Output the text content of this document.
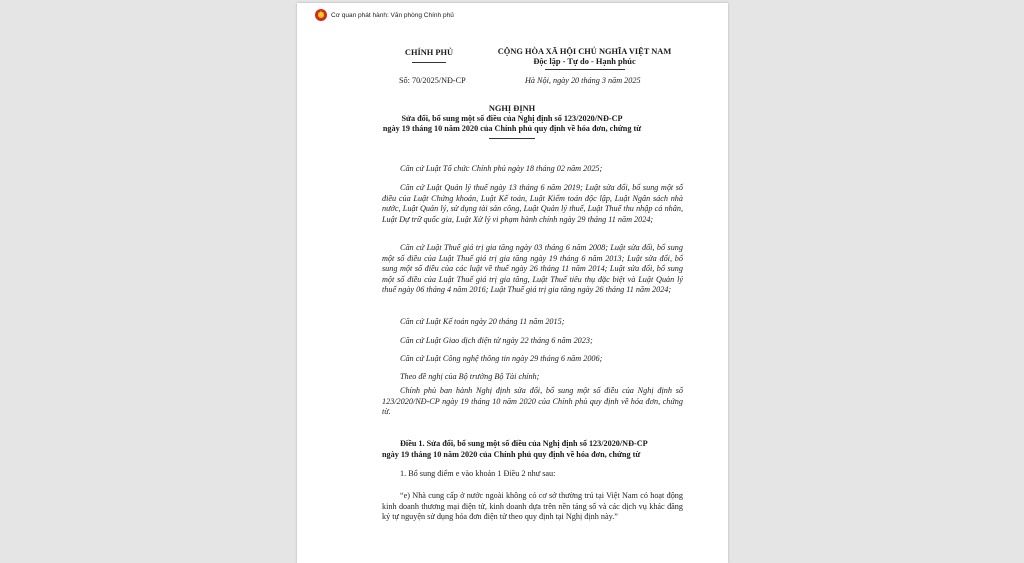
★
Cơ quan phát hành: Văn phòng Chính phủ
CHÍNH PHỦ	CỘNG HÒA XÃ HỘI CHỦ NGHĨA VIỆT NAM
Độc lập - Tự do - Hạnh phúc
Số: 70/2025/NĐ-CP	Hà Nội, ngày 20 tháng 3 năm 2025
NGHỊ ĐỊNH
Sửa đổi, bổ sung một số điều của Nghị định số 123/2020/NĐ-CP
ngày 19 tháng 10 năm 2020 của Chính phủ quy định về hóa đơn, chứng từ
Căn cứ Luật Tổ chức Chính phủ ngày 18 tháng 02 năm 2025;
Căn cứ Luật Quản lý thuế ngày 13 tháng 6 năm 2019; Luật sửa đổi, bổ sung một số điều của Luật Chứng khoán, Luật Kế toán, Luật Kiểm toán độc lập, Luật Ngân sách nhà nước, Luật Quản lý, sử dụng tài sản công, Luật Quản lý thuế, Luật Thuế thu nhập cá nhân, Luật Dự trữ quốc gia, Luật Xử lý vi phạm hành chính ngày 29 tháng 11 năm 2024;
Căn cứ Luật Thuế giá trị gia tăng ngày 03 tháng 6 năm 2008; Luật sửa đổi, bổ sung một số điều của Luật Thuế giá trị gia tăng ngày 19 tháng 6 năm 2013; Luật sửa đổi, bổ sung một số điều của các luật về thuế ngày 26 tháng 11 năm 2014; Luật sửa đổi, bổ sung một số điều của Luật Thuế giá trị gia tăng, Luật Thuế tiêu thụ đặc biệt và Luật Quản lý thuế ngày 06 tháng 4 năm 2016; Luật Thuế giá trị gia tăng ngày 26 tháng 11 năm 2024;
Căn cứ Luật Kế toán ngày 20 tháng 11 năm 2015;
Căn cứ Luật Giao dịch điện tử ngày 22 tháng 6 năm 2023;
Căn cứ Luật Công nghệ thông tin ngày 29 tháng 6 năm 2006;
Theo đề nghị của Bộ trưởng Bộ Tài chính;
Chính phủ ban hành Nghị định sửa đổi, bổ sung một số điều của Nghị định số 123/2020/NĐ-CP ngày 19 tháng 10 năm 2020 của Chính phủ quy định về hóa đơn, chứng từ.
Điều 1. Sửa đổi, bổ sung một số điều của Nghị định số 123/2020/NĐ-CP
ngày 19 tháng 10 năm 2020 của Chính phủ quy định về hóa đơn, chứng từ
1. Bổ sung điểm e vào khoản 1 Điều 2 như sau:
“e) Nhà cung cấp ở nước ngoài không có cơ sở thường trú tại Việt Nam có hoạt động kinh doanh thương mại điện tử, kinh doanh dựa trên nền tảng số và các dịch vụ khác đăng ký tự nguyện sử dụng hóa đơn điện tử theo quy định tại Nghị định này.”
